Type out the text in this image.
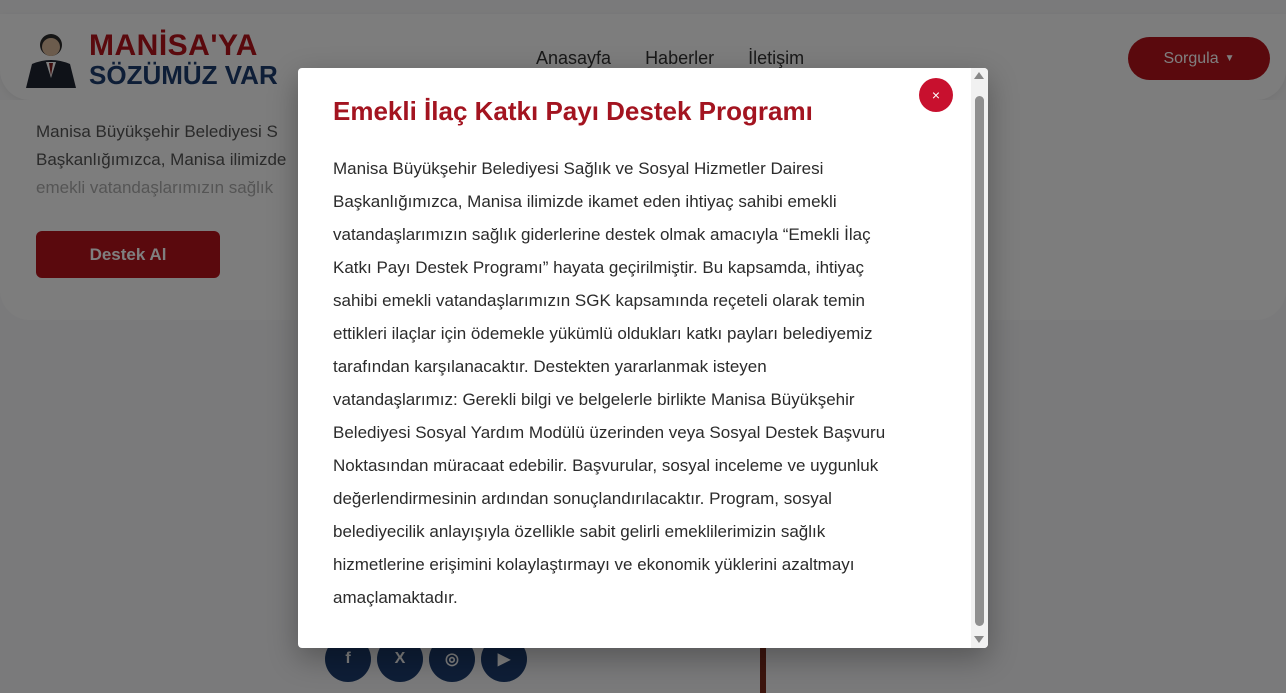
Emekli İlaç Katkı Payı Destek Programı
×
Manisa Büyükşehir Belediyesi Sağlık ve Sosyal Hizmetler Dairesi
Başkanlığımızca, Manisa ilimizde ikamet eden ihtiyaç sahibi emekli
vatandaşlarımızın sağlık giderlerine destek olmak amacıyla “Emekli İlaç
Katkı Payı Destek Programı” hayata geçirilmiştir. Bu kapsamda, ihtiyaç
sahibi emekli vatandaşlarımızın SGK kapsamında reçeteli olarak temin
ettikleri ilaçlar için ödemekle yükümlü oldukları katkı payları belediyemiz
tarafından karşılanacaktır. Destekten yararlanmak isteyen
vatandaşlarımız: Gerekli bilgi ve belgelerle birlikte Manisa Büyükşehir
Belediyesi Sosyal Yardım Modülü üzerinden veya Sosyal Destek Başvuru
Noktasından müracaat edebilir. Başvurular, sosyal inceleme ve uygunluk
değerlendirmesinin ardından sonuçlandırılacaktır. Program, sosyal
belediyecilik anlayışıyla özellikle sabit gelirli emeklilerimizin sağlık
hizmetlerine erişimini kolaylaştırmayı ve ekonomik yüklerini azaltmayı
amaçlamaktadır.
